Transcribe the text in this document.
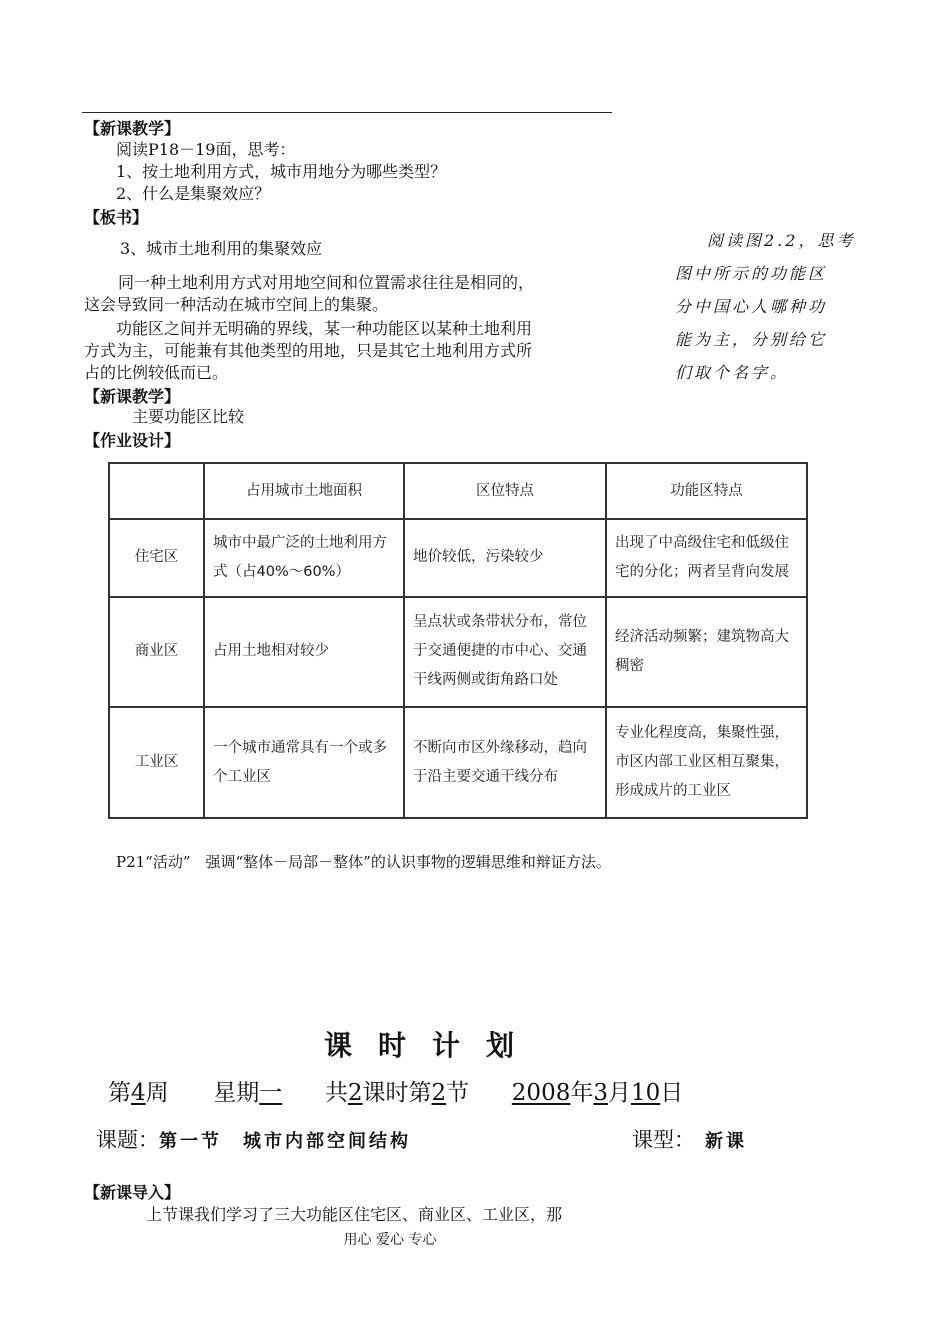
【新课教学】
阅读P18－19面，思考：
1、按土地利用方式，城市用地分为哪些类型？
2、什么是集聚效应？
【板书】
3、城市土地利用的集聚效应
同一种土地利用方式对用地空间和位置需求往往是相同的，
这会导致同一种活动在城市空间上的集聚。
功能区之间并无明确的界线，某一种功能区以某种土地利用
方式为主，可能兼有其他类型的用地，只是其它土地利用方式所
占的比例较低而已。
阅读图2.2，思考
图中所示的功能区
分中国心人哪种功
能为主，分别给它
们取个名字。
【新课教学】
主要功能区比较
【作业设计】
	占用城市土地面积	区位特点	功能区特点
住宅区	城市中最广泛的土地利用方式（占40%～60%）	地价较低，污染较少	出现了中高级住宅和低级住宅的分化；两者呈背向发展
商业区	占用土地相对较少	呈点状或条带状分布，常位于交通便捷的市中心、交通干线两侧或街角路口处	经济活动频繁；建筑物高大稠密
工业区	一个城市通常具有一个或多个工业区	不断向市区外缘移动，趋向于沿主要交通干线分布	专业化程度高，集聚性强，市区内部工业区相互聚集，形成成片的工业区
P21“活动”　强调“整体－局部－整体”的认识事物的逻辑思维和辩证方法。
课时计划
第4周 星期一 共2课时第2节 2008年3月10日
课题：第一节　城市内部空间结构	课型： 新课
【新课导入】
上节课我们学习了三大功能区住宅区、商业区、工业区，那
用心 爱心 专心
